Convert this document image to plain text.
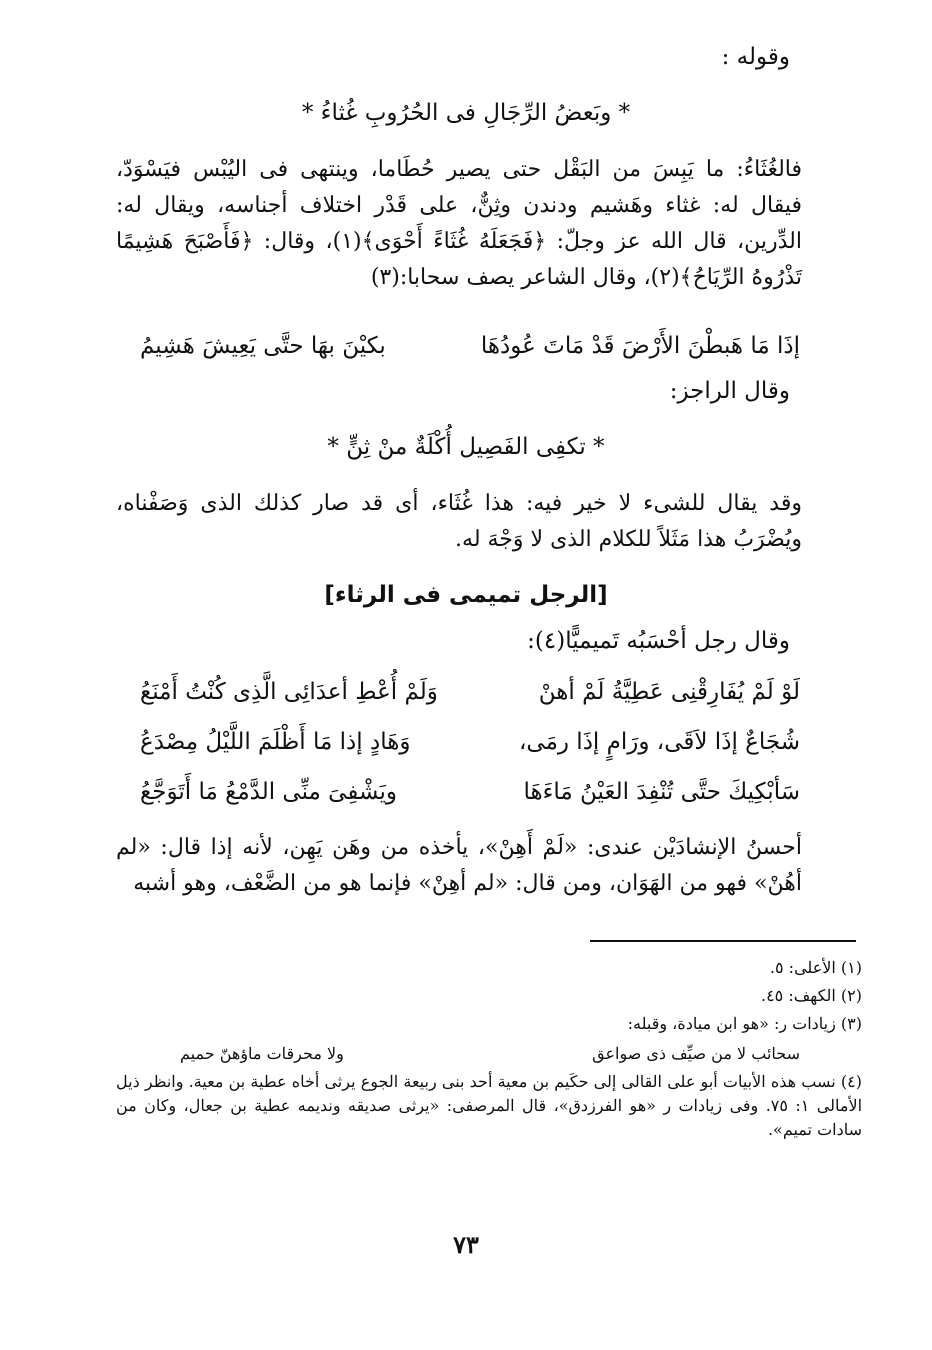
وقوله :
* وبَعضُ الرِّجَالِ فى الحُرُوبِ غُثاءُ *
فالغُثَاءُ: ما يَبِسَ من البَقْل حتى يصير حُطَاما، وينتهى فى اليُبْس فيَسْوَدّ، فيقال له: غثاء وهَشيم ودندن وثِنٌّ، على قَدْر اختلاف أجناسه، ويقال له: الدِّرين، قال الله عز وجلّ: ﴿فَجَعَلَهُ غُثَاءً أَحْوَى﴾(١)، وقال: ﴿فَأَصْبَحَ هَشِيمًا تَذْرُوهُ الرِّيَاحُ﴾(٢)، وقال الشاعر يصف سحابا:(٣)
إذَا مَا هَبطْنَ الأَرْضَ قَدْ مَاتَ عُودُهَا
بكيْنَ بهَا حتَّى يَعِيشَ هَشِيمُ
وقال الراجز:
* تكفِى الفَصِيل أُكْلَةٌ منْ ثِنٍّ *
وقد يقال للشىء لا خير فيه: هذا غُثَاء، أى قد صار كذلك الذى وَصَفْناه، ويُضْرَبُ هذا مَثَلاً للكلام الذى لا وَجْهَ له.
[الرجل تميمى فى الرثاء]
وقال رجل أحْسَبُه تَميميًّا(٤):
لَوْ لَمْ يُفَارِقْنِى عَطِيَّةُ لَمْ أهنْ
وَلَمْ أُعْطِ أعدَائِى الَّذِى كُنْتُ أَمْنَعُ
شُجَاعٌ إذَا لاَقَى، ورَامٍ إذَا رمَى،
وَهَادٍ إذا مَا أَظْلَمَ اللَّيْلُ مِصْدَعُ
سَأبْكِيكَ حتَّى تُنْفِدَ العَيْنُ مَاءَهَا
ويَشْفِىَ منِّى الدَّمْعُ مَا أَتَوَجَّعُ
أحسنُ الإنشادَيْن عندى: «لَمْ أَهِنْ»، يأخذه من وهَن يَهِن، لأنه إذا قال: «لم أهُنْ» فهو من الهَوَان، ومن قال: «لم أهِنْ» فإنما هو من الضَّعْف، وهو أشبه
(١) الأعلى: ٥.
(٢) الكهف: ٤٥.
(٣) زيادات ر: «هو ابن ميادة، وقبله:
سحائب لا من صيِّف ذى صواعق
ولا محرقات ماؤهنّ حميم
(٤) نسب هذه الأبيات أبو على القالى إلى حكَيم بن معية أحد بنى ربيعة الجوع يرثى أخاه عطية بن معية. وانظر ذيل الأمالى ١: ٧٥. وفى زيادات ر «هو الفرزدق»، قال المرصفى: «يرثى صديقه ونديمه عطية بن جعال، وكان من سادات تميم».
٧٣
